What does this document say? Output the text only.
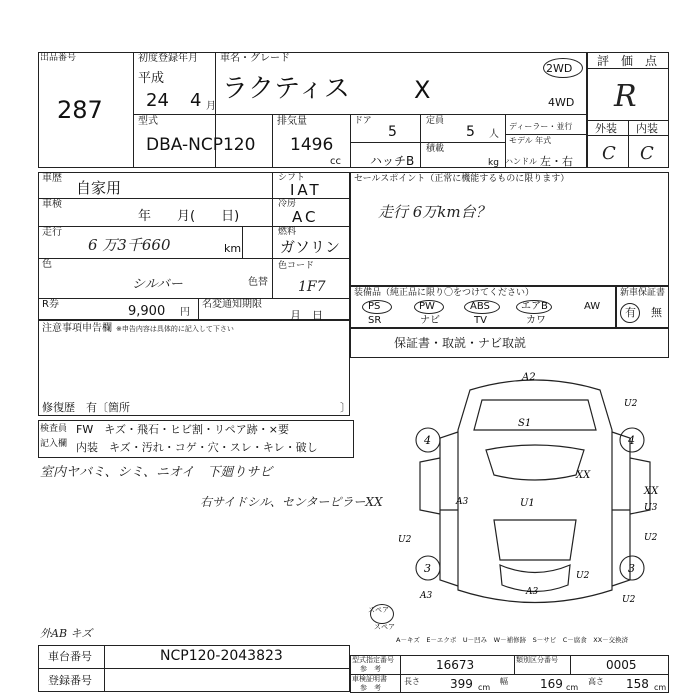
出品番号
287
初度登録年月
平成
24 4 月
車名・グレード
ラクティス	X
2WD
4WD
型式
DBA-NCP120
排気量
1496
cc
ドア
5
定員
5 人
ハッチB
積載
kg
ディーラー・並行
モデル 年式
ハンドル 左・右
評　価　点
R
外装 内装
C C
車歴
自家用
車検
年　　月(　　日)
走行
6 万3千660	km
シフト
IAT
冷房
AC
燃料
ガソリン
色
シルバー	色替
色コード
1F7
R券	9,900 円
名変通知期限
月　日
セールスポイント（正常に機能するものに限ります）
走行 6万km台？
装備品（純正品に限り〇をつけてください）
PS	PW	ABS	エアB	AW
SR	ナビ	TV	カワ
新車保証書
有 無
注意事項申告欄 ※申告内容は具体的に記入して下さい
修復歴　有〔箇所	〕
保証書・取説・ナビ取説
検査員
記入欄
FW　キズ・飛石・ヒビ割・リペア跡・×要
内装　キズ・汚れ・コゲ・穴・スレ・キレ・破し
室内ヤバミ、シミ、ニオイ　下廻りサビ
右サイドシル、センターピラーXX
外AB キズ
A2
U2
S1
U1
A3
U2
XX
XX
U3
U2
U2
A3	A3
U2
4	4
3	3
スペア
スペア
A－キズ　E－エクボ　U－凹み　W－補修跡　S－サビ　C－腐食　XX－交換済
車台番号	NCP120-2043823
登録番号
型式指定番号
参　考	16673	類別区分番号	0005
車検証明書
参　考
長さ	399 cm
幅	169 cm
高さ 158 cm
